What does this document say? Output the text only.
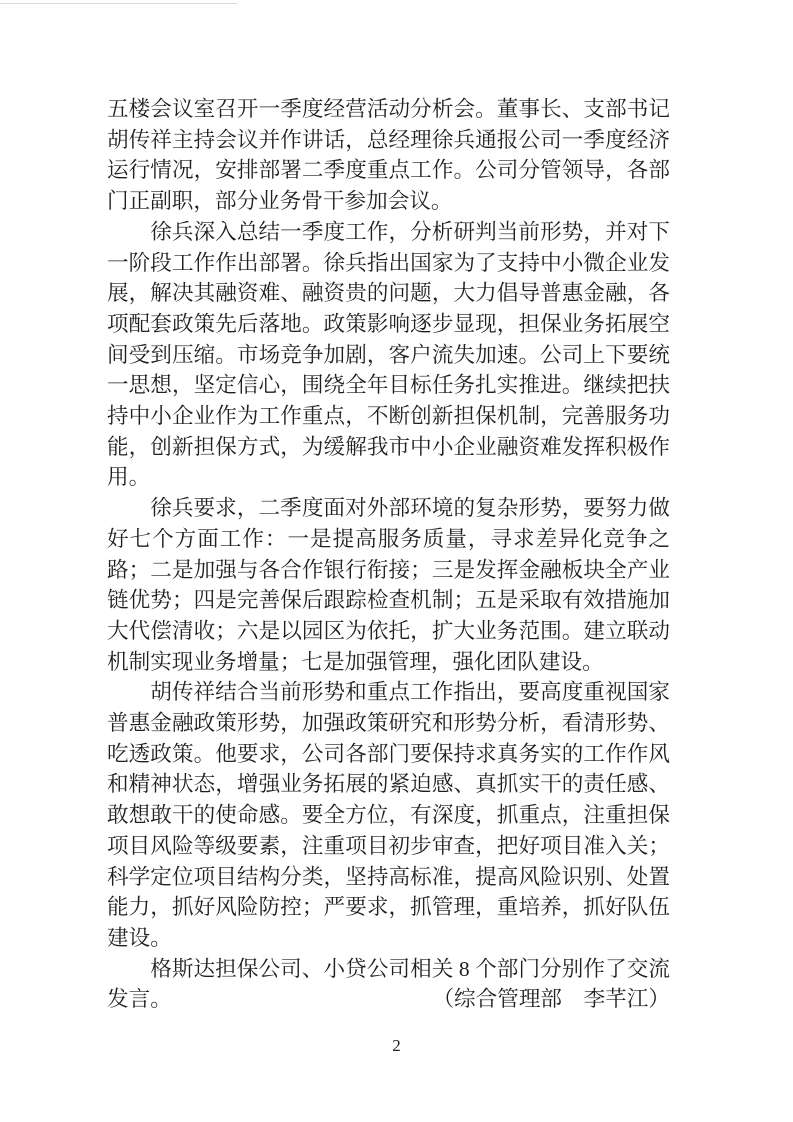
五楼会议室召开一季度经营活动分析会。董事长、支部书记胡传祥主持会议并作讲话，总经理徐兵通报公司一季度经济运行情况，安排部署二季度重点工作。公司分管领导，各部门正副职，部分业务骨干参加会议。

徐兵深入总结一季度工作，分析研判当前形势，并对下一阶段工作作出部署。徐兵指出国家为了支持中小微企业发展，解决其融资难、融资贵的问题，大力倡导普惠金融，各项配套政策先后落地。政策影响逐步显现，担保业务拓展空间受到压缩。市场竞争加剧，客户流失加速。公司上下要统一思想，坚定信心，围绕全年目标任务扎实推进。继续把扶持中小企业作为工作重点，不断创新担保机制，完善服务功能，创新担保方式，为缓解我市中小企业融资难发挥积极作用。

徐兵要求，二季度面对外部环境的复杂形势，要努力做好七个方面工作：一是提高服务质量，寻求差异化竞争之路；二是加强与各合作银行衔接；三是发挥金融板块全产业链优势；四是完善保后跟踪检查机制；五是采取有效措施加大代偿清收；六是以园区为依托，扩大业务范围。建立联动机制实现业务增量；七是加强管理，强化团队建设。

胡传祥结合当前形势和重点工作指出，要高度重视国家普惠金融政策形势，加强政策研究和形势分析，看清形势、吃透政策。他要求，公司各部门要保持求真务实的工作作风和精神状态，增强业务拓展的紧迫感、真抓实干的责任感、敢想敢干的使命感。要全方位，有深度，抓重点，注重担保项目风险等级要素，注重项目初步审查，把好项目准入关；科学定位项目结构分类，坚持高标准，提高风险识别、处置能力，抓好风险防控；严要求，抓管理，重培养，抓好队伍建设。

格斯达担保公司、小贷公司相关 8 个部门分别作了交流发言。	（综合管理部　李芊江）

2
